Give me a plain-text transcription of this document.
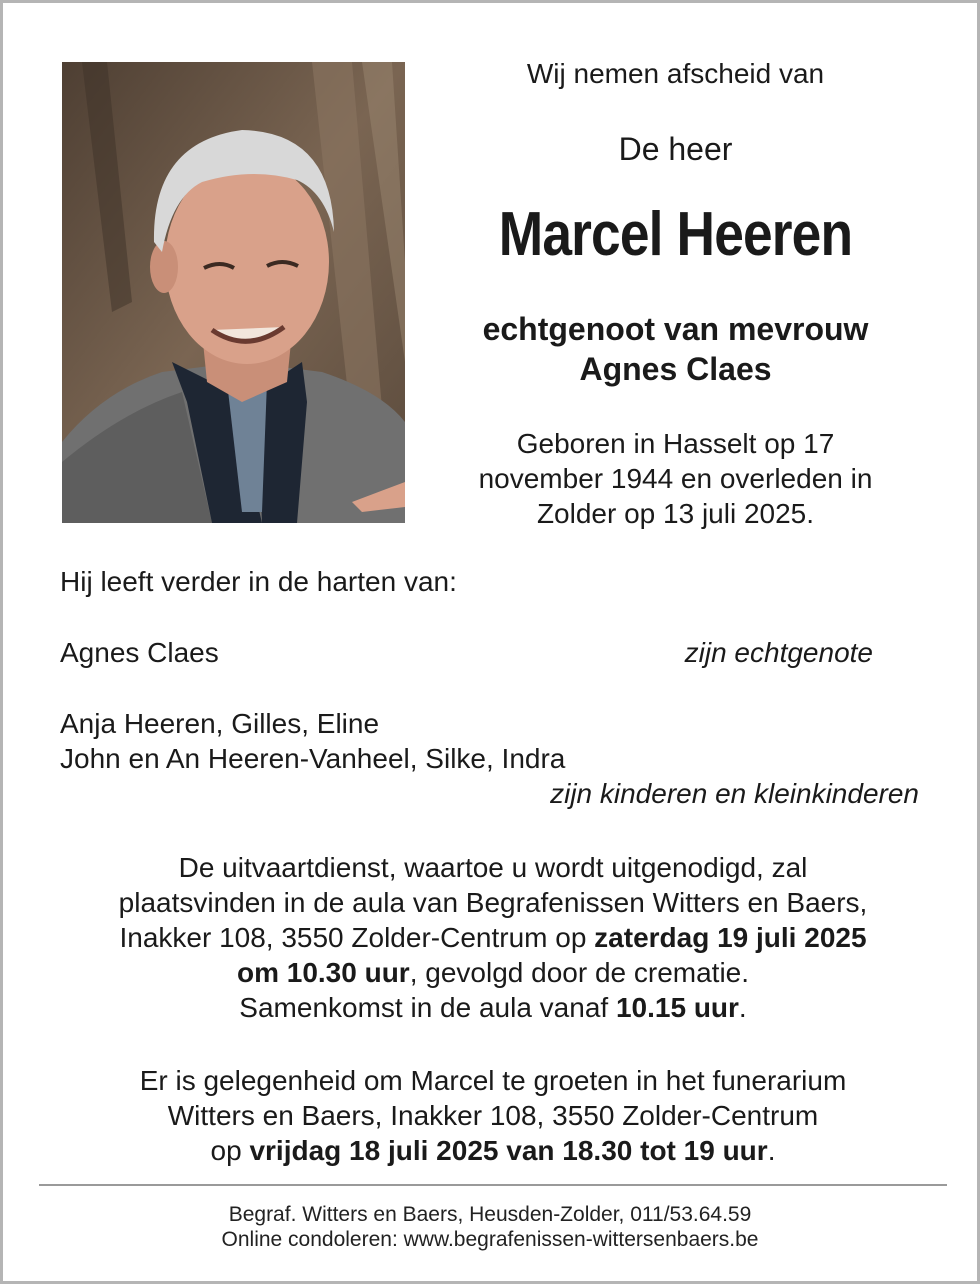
Wij nemen afscheid van
De heer
Marcel Heeren
echtgenoot van mevrouw
Agnes Claes
Geboren in Hasselt op 17
november 1944 en overleden in
Zolder op 13 juli 2025.
Hij leeft verder in de harten van:
Agnes Claes	zijn echtgenote
Anja Heeren, Gilles, Eline
John en An Heeren-Vanheel, Silke, Indra
zijn kinderen en kleinkinderen
De uitvaartdienst, waartoe u wordt uitgenodigd, zal
plaatsvinden in de aula van Begrafenissen Witters en Baers,
Inakker 108, 3550 Zolder-Centrum op zaterdag 19 juli 2025
om 10.30 uur, gevolgd door de crematie.
Samenkomst in de aula vanaf 10.15 uur.
Er is gelegenheid om Marcel te groeten in het funerarium
Witters en Baers, Inakker 108, 3550 Zolder-Centrum
op vrijdag 18 juli 2025 van 18.30 tot 19 uur.
Begraf. Witters en Baers, Heusden-Zolder, 011/53.64.59
Online condoleren: www.begrafenissen-wittersenbaers.be
